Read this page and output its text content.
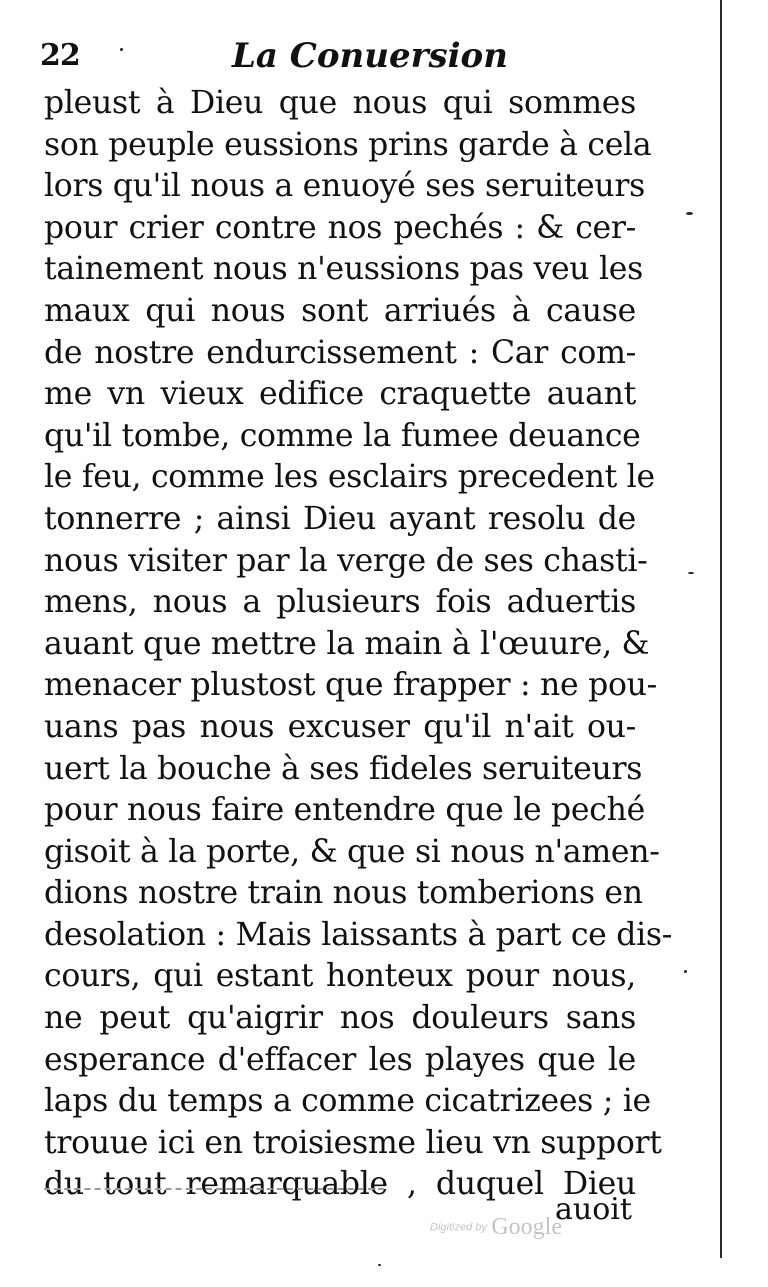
22	La Conuersion
pleust à Dieu que nous qui sommes
son peuple eussions prins garde à cela
lors qu'il nous a enuoyé ses seruiteurs
pour crier contre nos pechés : & cer-
tainement nous n'eussions pas veu les
maux qui nous sont arriués à cause
de nostre endurcissement : Car com-
me vn vieux edifice craquette auant
qu'il tombe, comme la fumee deuance
le feu, comme les esclairs precedent le
tonnerre ; ainsi Dieu ayant resolu de
nous visiter par la verge de ses chasti-
mens, nous a plusieurs fois aduertis
auant que mettre la main à l'œuure, &
menacer plustost que frapper : ne pou-
uans pas nous excuser qu'il n'ait ou-
uert la bouche à ses fideles seruiteurs
pour nous faire entendre que le peché
gisoit à la porte, & que si nous n'amen-
dions nostre train nous tomberions en
desolation : Mais laissants à part ce dis-
cours, qui estant honteux pour nous,
ne peut qu'aigrir nos douleurs sans
esperance d'effacer les playes que le
laps du temps a comme cicatrizees ; ie
trouue ici en troisiesme lieu vn support
du tout remarquable , duquel Dieu
auoit
Digitized by Google
